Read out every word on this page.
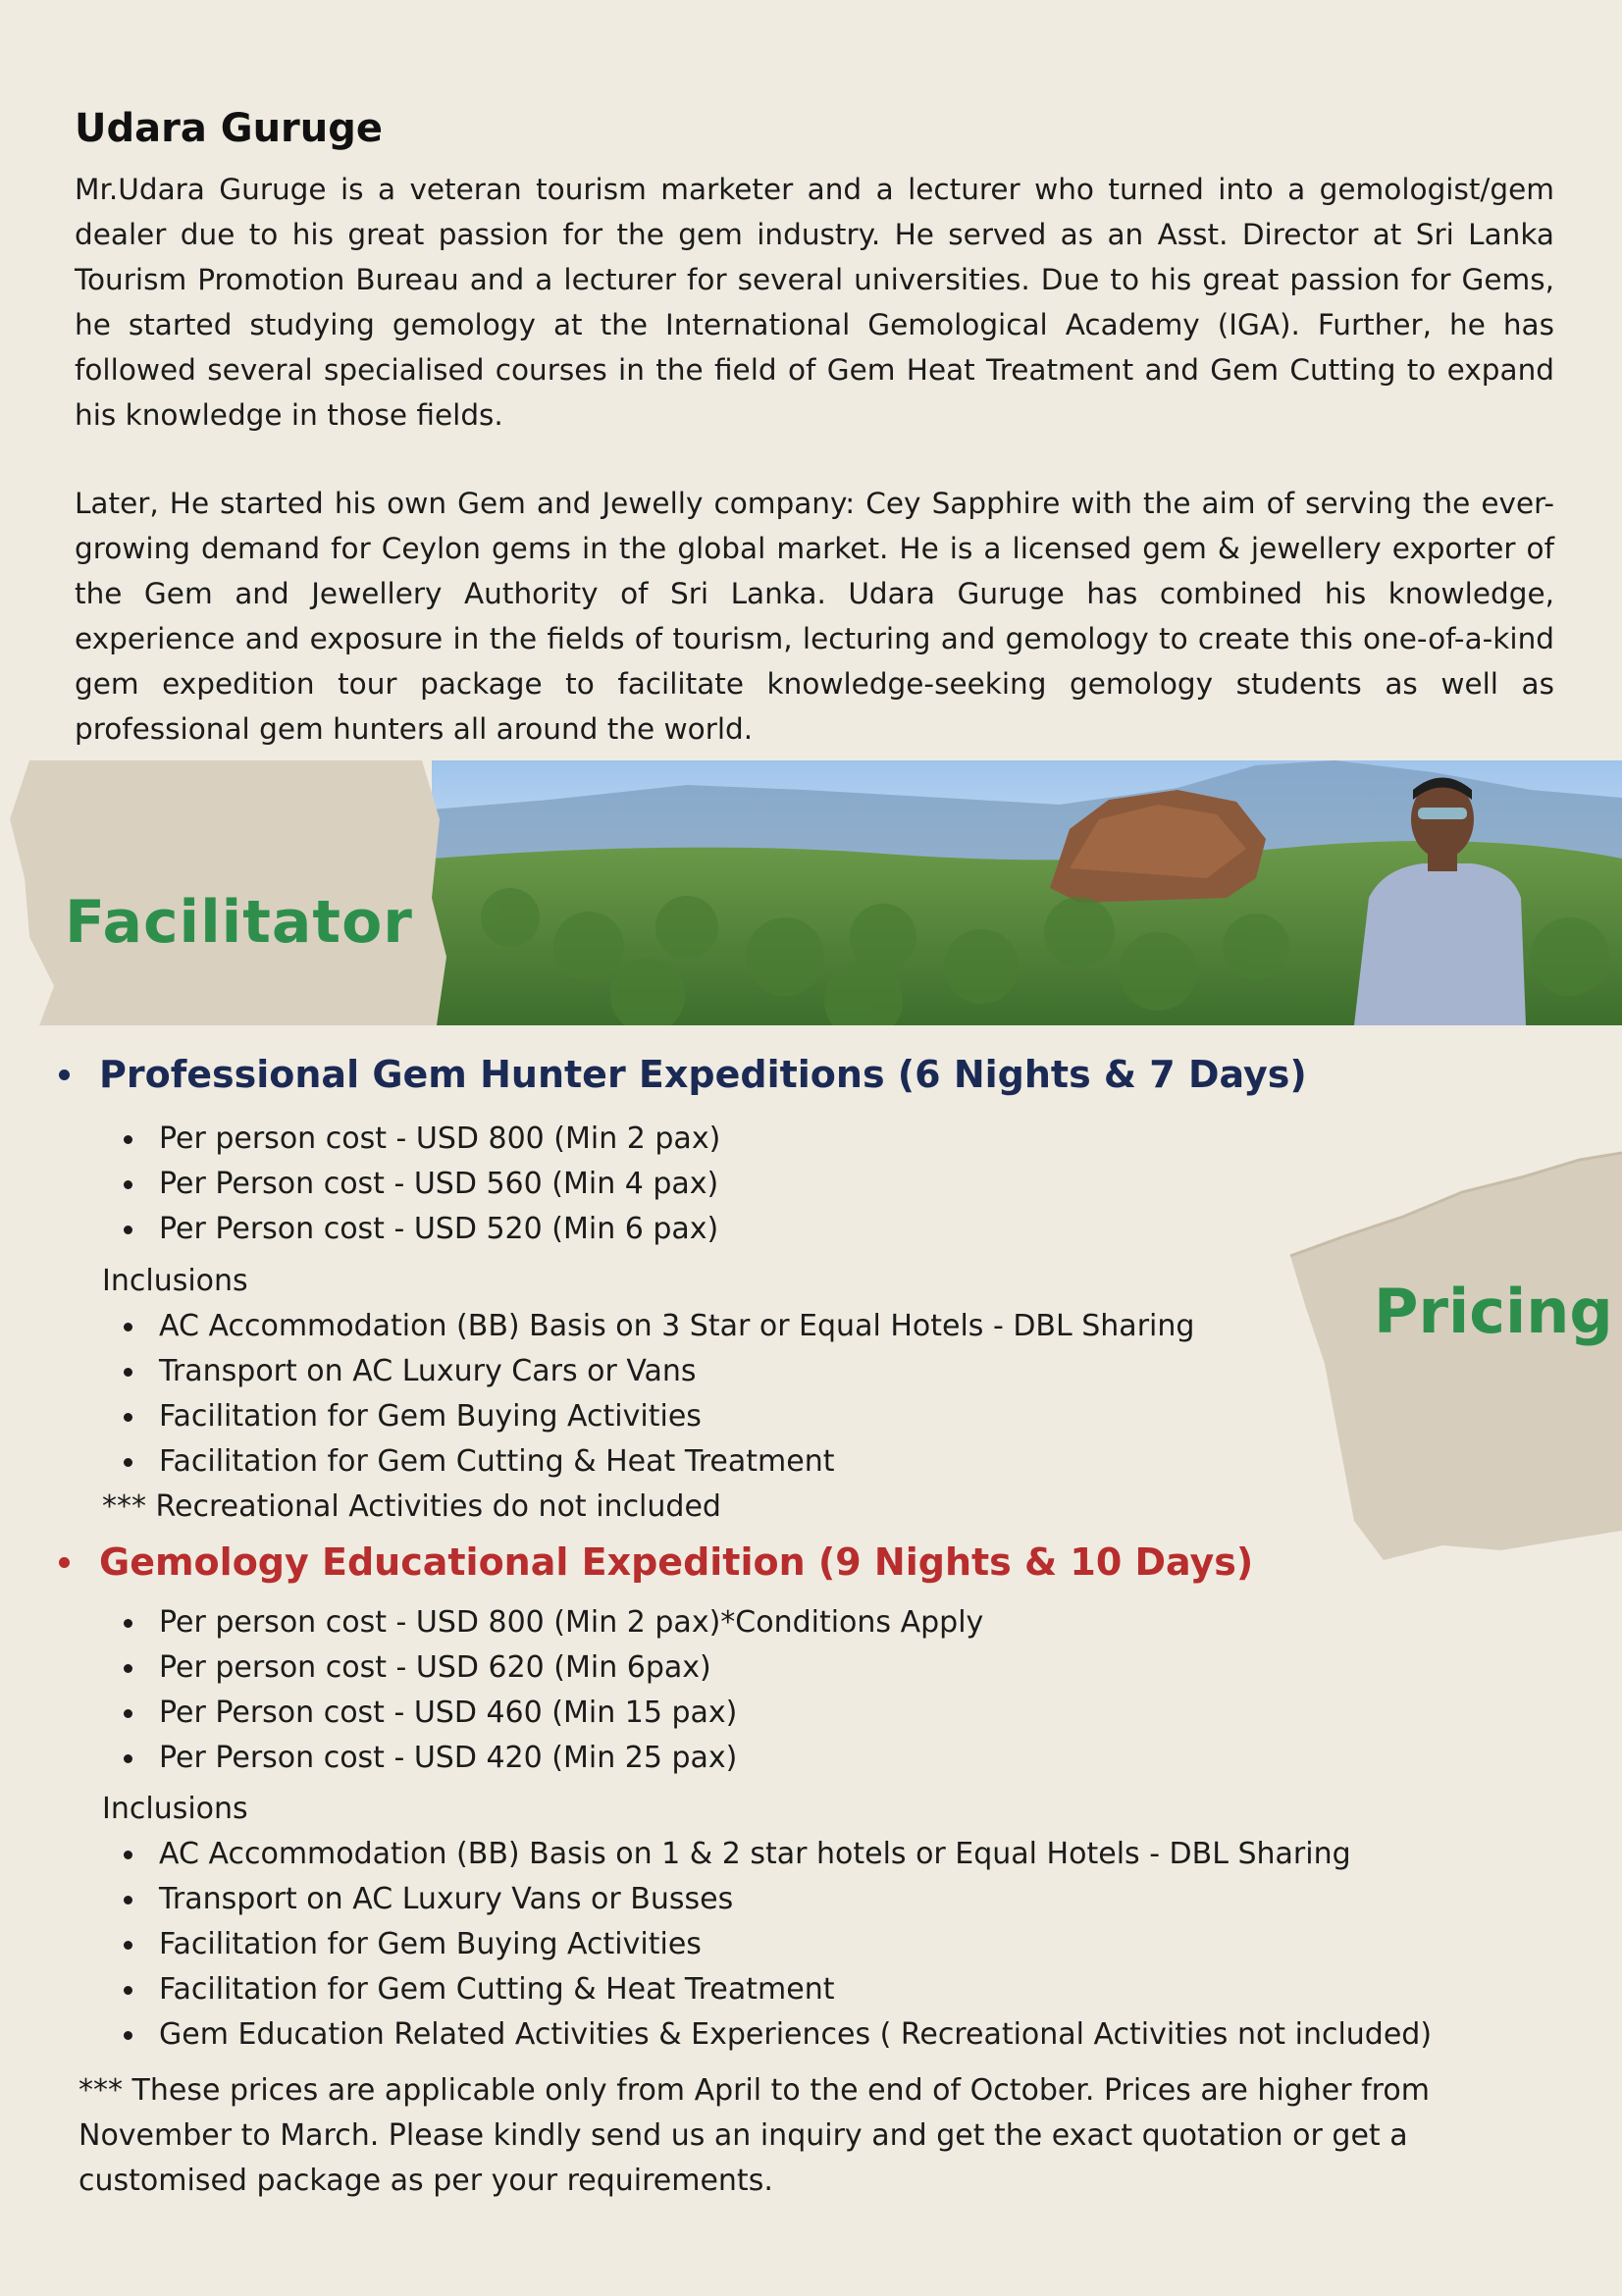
Udara Guruge

Mr.Udara Guruge is a veteran tourism marketer and a lecturer who turned into a gemologist/gem dealer due to his great passion for the gem industry. He served as an Asst. Director at Sri Lanka Tourism Promotion Bureau and a lecturer for several universities. Due to his great passion for Gems, he started studying gemology at the International Gemological Academy (IGA). Further, he has followed several specialised courses in the field of Gem Heat Treatment and Gem Cutting to expand his knowledge in those fields.

Later, He started his own Gem and Jewelly company: Cey Sapphire with the aim of serving the ever-growing demand for Ceylon gems in the global market. He is a licensed gem & jewellery exporter of the Gem and Jewellery Authority of Sri Lanka. Udara Guruge has combined his knowledge, experience and exposure in the fields of tourism, lecturing and gemology to create this one-of-a-kind gem expedition tour package to facilitate knowledge-seeking gemology students as well as professional gem hunters all around the world.

Facilitator
Pricing
Professional Gem Hunter Expeditions (6 Nights & 7 Days)
Per person cost - USD 800 (Min 2 pax)
Per Person cost - USD 560 (Min 4 pax)
Per Person cost - USD 520 (Min 6 pax)
Inclusions
AC Accommodation (BB) Basis on 3 Star or Equal Hotels - DBL Sharing
Transport on AC Luxury Cars or Vans
Facilitation for Gem Buying Activities
Facilitation for Gem Cutting & Heat Treatment
*** Recreational Activities do not included
Gemology Educational Expedition (9 Nights & 10 Days)
Per person cost - USD 800 (Min 2 pax)*Conditions Apply
Per person cost - USD 620 (Min 6pax)
Per Person cost - USD 460 (Min 15 pax)
Per Person cost - USD 420 (Min 25 pax)
Inclusions
AC Accommodation (BB) Basis on 1 & 2 star hotels or Equal Hotels - DBL Sharing
Transport on AC Luxury Vans or Busses
Facilitation for Gem Buying Activities
Facilitation for Gem Cutting & Heat Treatment
Gem Education Related Activities & Experiences ( Recreational Activities not included)

*** These prices are applicable only from April to the end of October. Prices are higher from November to March. Please kindly send us an inquiry and get the exact quotation or get a customised package as per your requirements.
